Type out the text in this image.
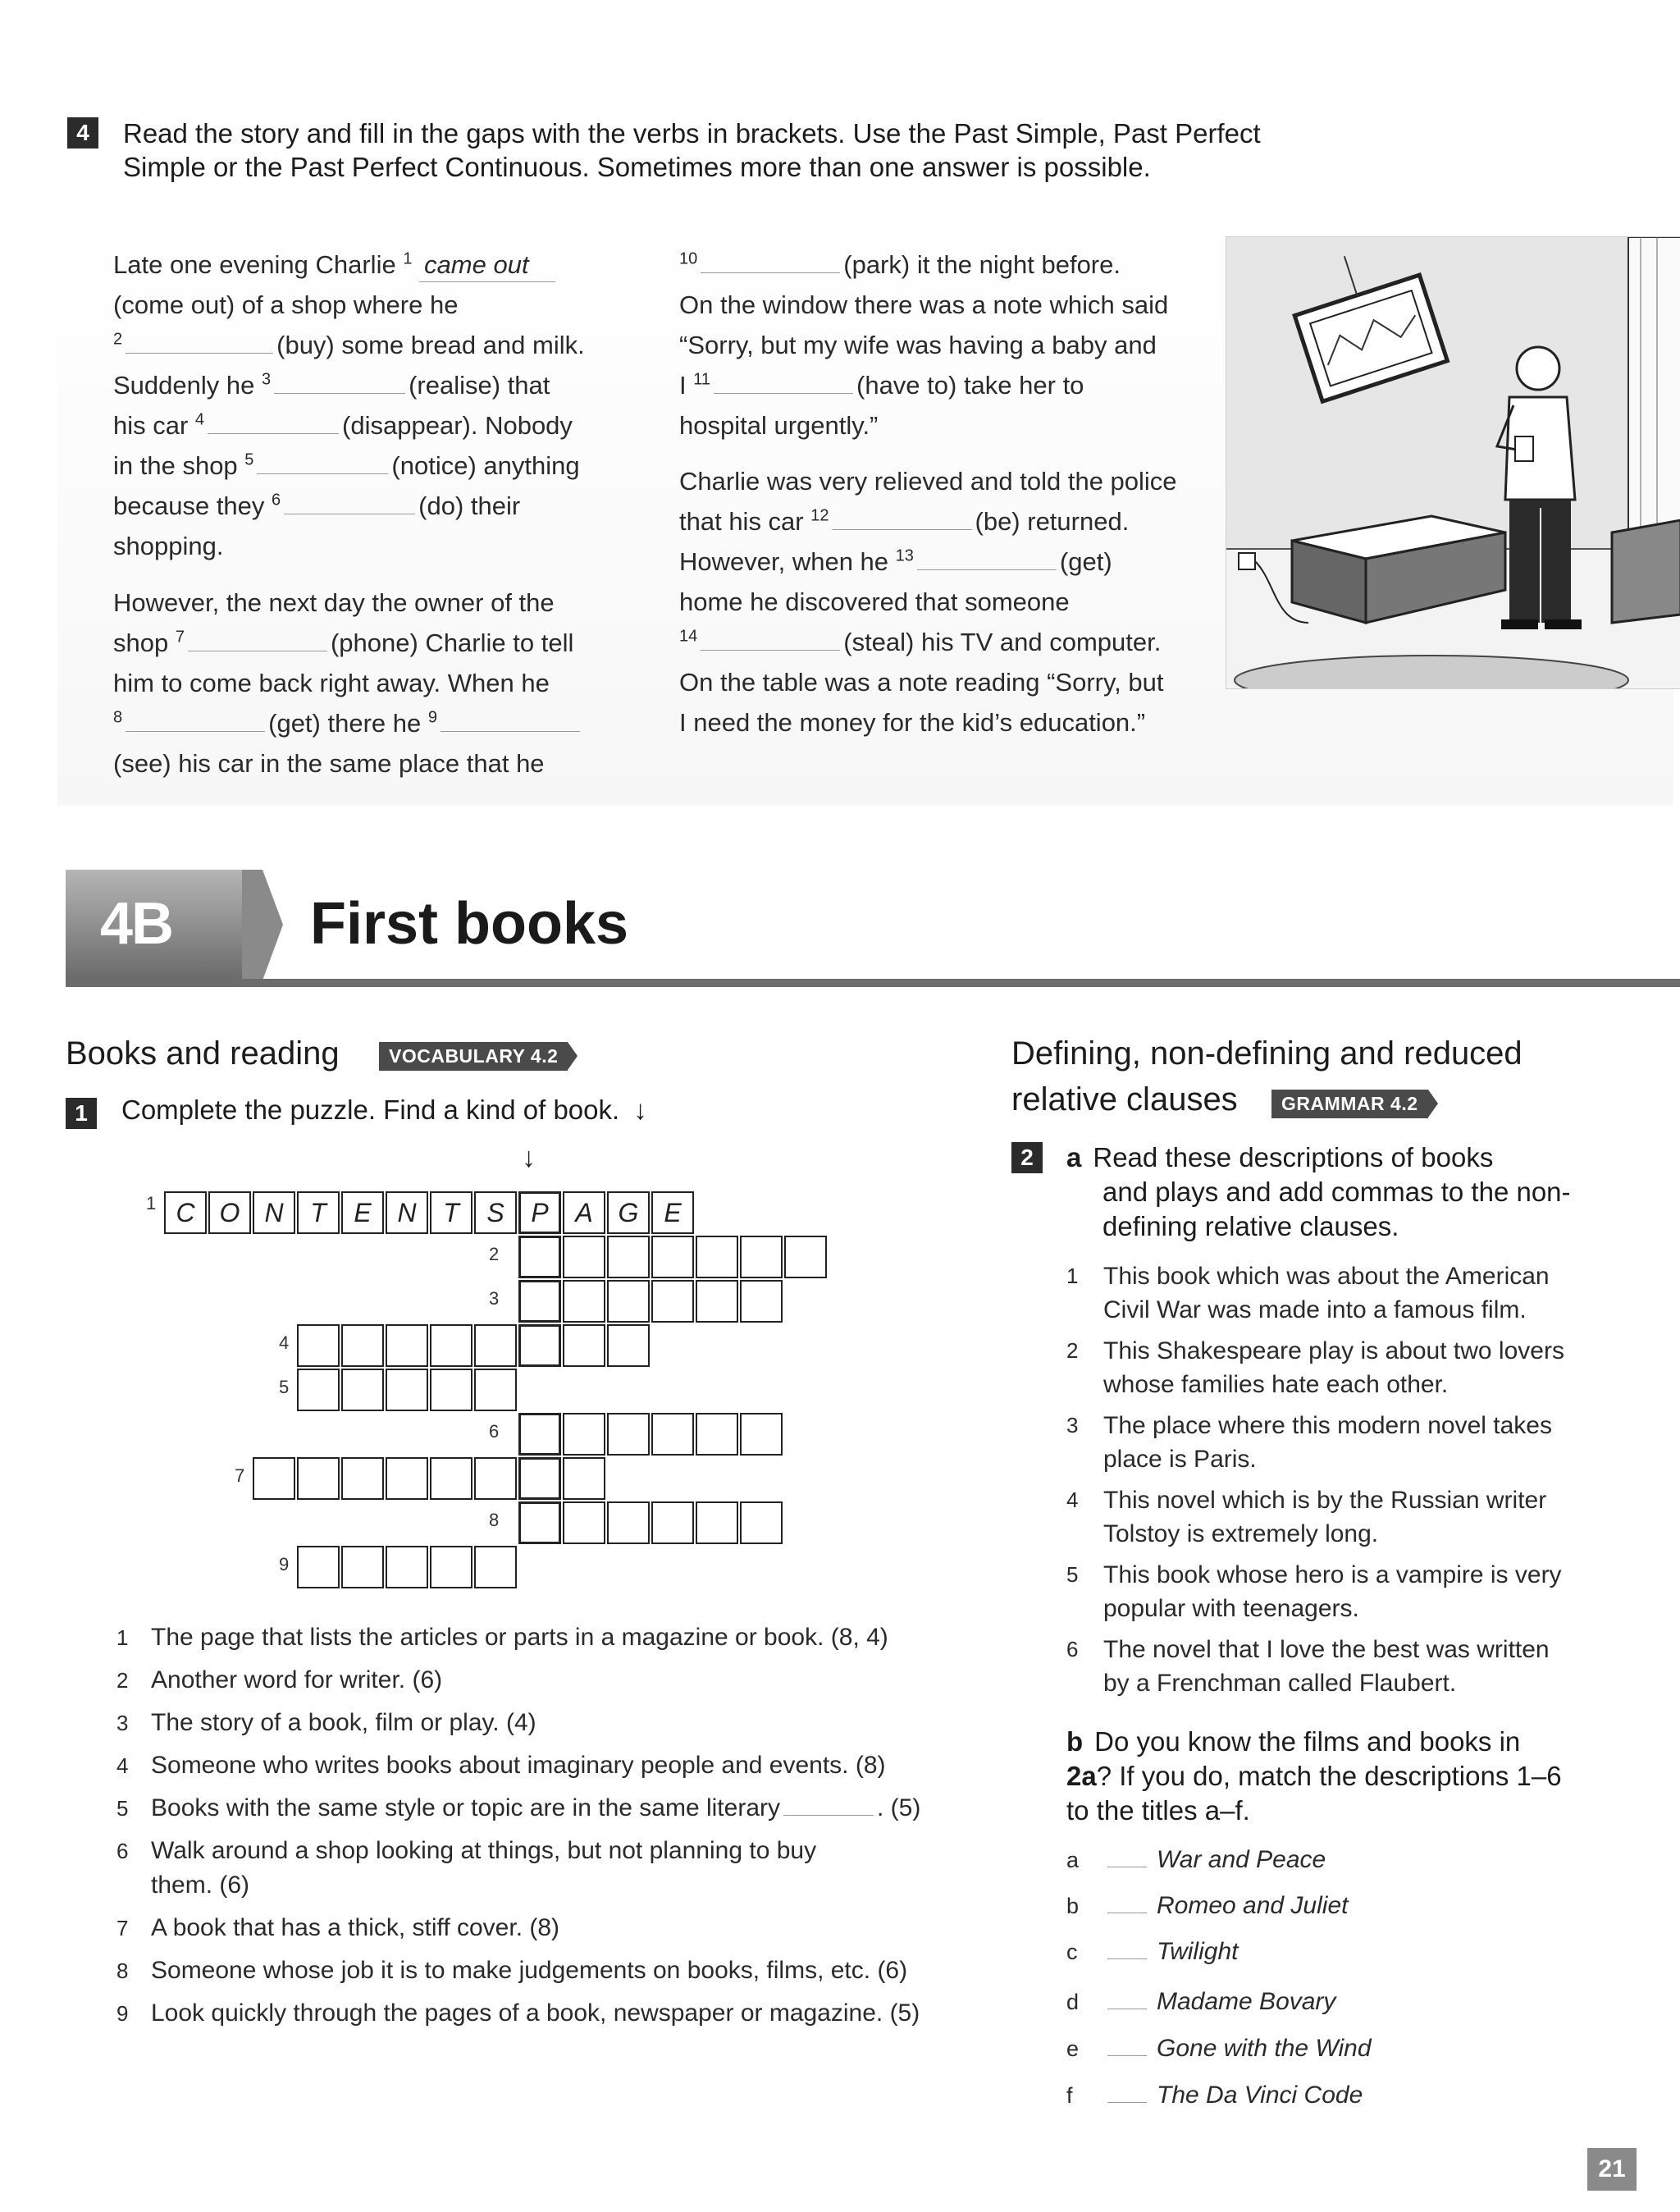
4	Read the story and fill in the gaps with the verbs in brackets. Use the Past Simple, Past Perfect
Simple or the Past Perfect Continuous. Sometimes more than one answer is possible.
Late one evening Charlie $^1$ came out
(come out) of a shop where he
$^2$	(buy) some bread and milk.
Suddenly he $^3$	(realise) that
his car $^4$	(disappear). Nobody
in the shop $^5$	(notice) anything
because they $^6$	(do) their
shopping.
However, the next day the owner of the
shop $^7$	(phone) Charlie to tell
him to come back right away. When he
$^8$	(get) there he $^9$
(see) his car in the same place that he
$^{10}$	(park) it the night before.
On the window there was a note which said
“Sorry, but my wife was having a baby and
I $^{11}$	(have to) take her to
hospital urgently.”
Charlie was very relieved and told the police
that his car $^{12}$	(be) returned.
However, when he $^{13}$	(get)
home he discovered that someone
$^{14}$	(steal) his TV and computer.
On the table was a note reading “Sorry, but
I need the money for the kid’s education.”
4B First books
Books and reading	VOCABULARY 4.2
1	Complete the puzzle. Find a kind of book. ↓
↓
C O N	T	E N	T	S	P	A G E
1
2
3
4
5
6
7
8
9
1 The page that lists the articles or parts in a magazine or book. (8, 4)
2 Another word for writer. (6)
3 The story of a book, film or play. (4)
4 Someone who writes books about imaginary people and events. (8)
5 Books with the same style or topic are in the same literary	. (5)
6 Walk around a shop looking at things, but not planning to buy
them. (6)
7 A book that has a thick, stiff cover. (8)
8 Someone whose job it is to make judgements on books, films, etc. (6)
9 Look quickly through the pages of a book, newspaper or magazine. (5)
Defining, non-defining and reduced
relative clauses	GRAMMAR 4.2
2	a Read these descriptions of books
and plays and add commas to the non-
defining relative clauses.
1	This book which was about the American
Civil War was made into a famous film.
2	This Shakespeare play is about two lovers
whose families hate each other.
3	The place where this modern novel takes
place is Paris.
4	This novel which is by the Russian writer
Tolstoy is extremely long.
5	This book whose hero is a vampire is very
popular with teenagers.
6	The novel that I love the best was written
by a Frenchman called Flaubert.
b Do you know the films and books in
2a? If you do, match the descriptions 1–6
to the titles a–f.
a	War and Peace
b	Romeo and Juliet
c	Twilight
d	Madame Bovary
e	Gone with the Wind
f	The Da Vinci Code
21
